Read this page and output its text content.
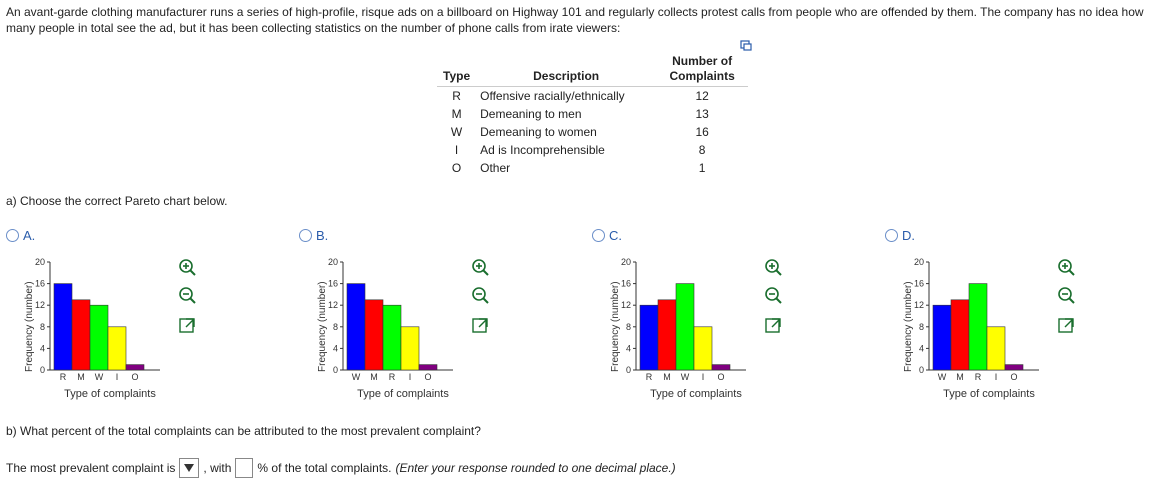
An avant-garde clothing manufacturer runs a series of high-profile, risque ads on a billboard on Highway 101 and regularly collects protest calls from people who are offended by them. The company has no idea how many people in total see the ad, but it has been collecting statistics on the number of phone calls from irate viewers:
Type	Description	Number of Complaints
R	Offensive racially/ethnically	12
M	Demeaning to men	13
W	Demeaning to women	16
I	Ad is Incomprehensible	8
O	Other	1
a) Choose the correct Pareto chart below.
A.
Frequency (number) 0
4
8
12
16
20
R M W I O
Type of complaints
B.
Frequency (number) 0
4
8
12
16
20
W M R I O
Type of complaints
C.
Frequency (number) 0
4
8
12
16
20
R M W I O
Type of complaints
D.
Frequency (number) 0
4
8
12
16
20
W M R I O
Type of complaints
b) What percent of the total complaints can be attributed to the most prevalent complaint?
The most prevalent complaint is , with % of the total complaints. (Enter your response rounded to one decimal place.)
